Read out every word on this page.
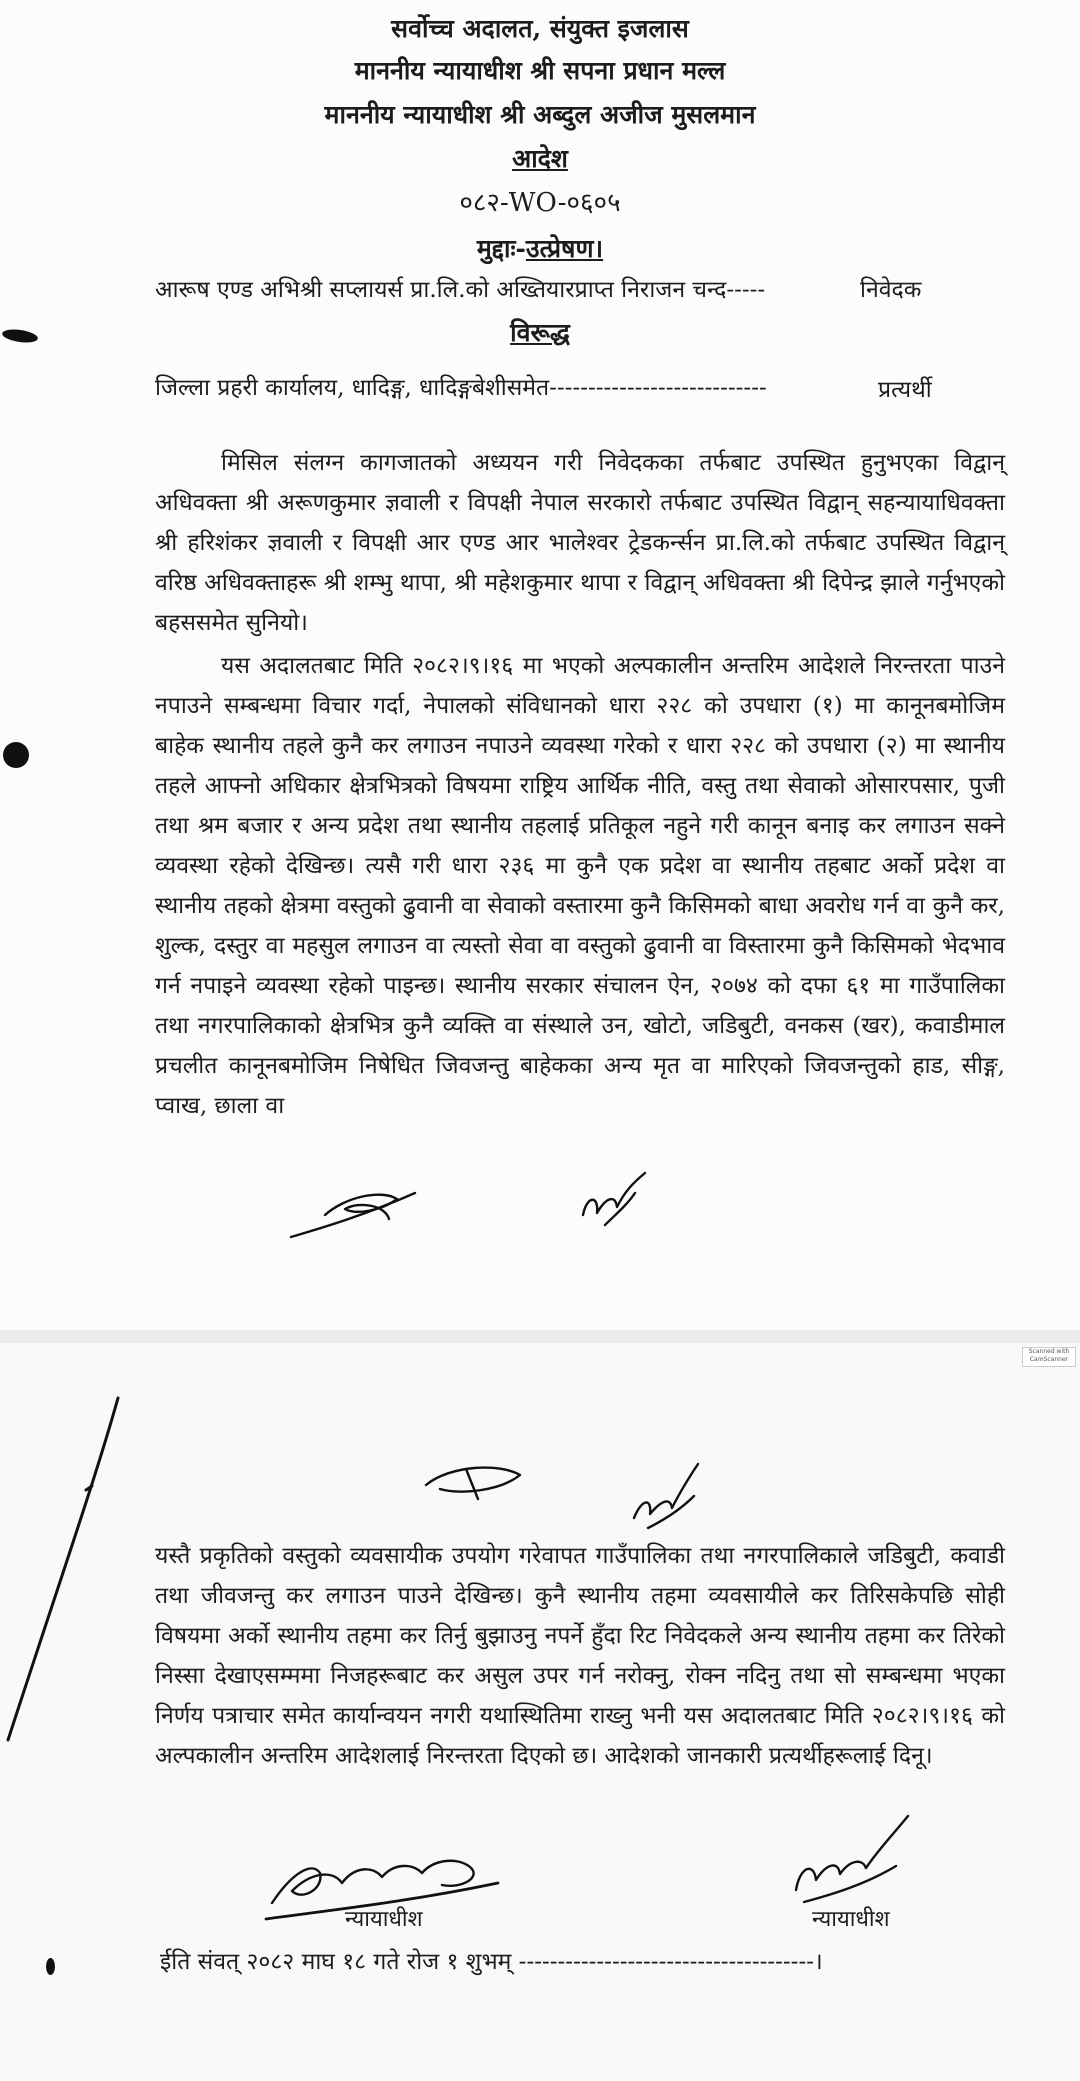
सर्वोच्च अदालत, संयुक्त इजलास
माननीय न्यायाधीश श्री सपना प्रधान मल्ल
माननीय न्यायाधीश श्री अब्दुल अजीज मुसलमान
आदेश
०८२-WO-०६०५
मुद्दाः-उत्प्रेषण।
आरूष एण्ड अभिश्री सप्लायर्स प्रा.लि.को अख्तियारप्राप्त निराजन चन्द-----	निवेदक
विरूद्ध
जिल्ला प्रहरी कार्यालय, धादिङ्ग, धादिङ्गबेशीसमेत----------------------------	प्रत्यर्थी

मिसिल संलग्न कागजातको अध्ययन गरी निवेदकका तर्फबाट उपस्थित हुनुभएका विद्वान् अधिवक्ता श्री अरूणकुमार ज्ञवाली र विपक्षी नेपाल सरकारो तर्फबाट उपस्थित विद्वान् सहन्यायाधिवक्ता श्री हरिशंकर ज्ञवाली र विपक्षी आर एण्ड आर भालेश्वर ट्रेडकर्न्सन प्रा.लि.को तर्फबाट उपस्थित विद्वान् वरिष्ठ अधिवक्ताहरू श्री शम्भु थापा, श्री महेशकुमार थापा र विद्वान् अधिवक्ता श्री दिपेन्द्र झाले गर्नुभएको बहससमेत सुनियो।

यस अदालतबाट मिति २०८२।९।१६ मा भएको अल्पकालीन अन्तरिम आदेशले निरन्तरता पाउने नपाउने सम्बन्धमा विचार गर्दा, नेपालको संविधानको धारा २२८ को उपधारा (१) मा कानूनबमोजिम बाहेक स्थानीय तहले कुनै कर लगाउन नपाउने व्यवस्था गरेको र धारा २२८ को उपधारा (२) मा स्थानीय तहले आफ्नो अधिकार क्षेत्रभित्रको विषयमा राष्ट्रिय आर्थिक नीति, वस्तु तथा सेवाको ओसारपसार, पुजी तथा श्रम बजार र अन्य प्रदेश तथा स्थानीय तहलाई प्रतिकूल नहुने गरी कानून बनाइ कर लगाउन सक्ने व्यवस्था रहेको देखिन्छ। त्यसै गरी धारा २३६ मा कुनै एक प्रदेश वा स्थानीय तहबाट अर्को प्रदेश वा स्थानीय तहको क्षेत्रमा वस्तुको ढुवानी वा सेवाको वस्तारमा कुनै किसिमको बाधा अवरोध गर्न वा कुनै कर, शुल्क, दस्तुर वा महसुल लगाउन वा त्यस्तो सेवा वा वस्तुको ढुवानी वा विस्तारमा कुनै किसिमको भेदभाव गर्न नपाइने व्यवस्था रहेको पाइन्छ। स्थानीय सरकार संचालन ऐन, २०७४ को दफा ६१ मा गाउँपालिका तथा नगरपालिकाको क्षेत्रभित्र कुनै व्यक्ति वा संस्थाले उन, खोटो, जडिबुटी, वनकस (खर), कवाडीमाल प्रचलीत कानूनबमोजिम निषेधित जिवजन्तु बाहेकका अन्य मृत वा मारिएको जिवजन्तुको हाड, सीङ्ग, प्वाख, छाला वा

Scanned with CamScanner

यस्तै प्रकृतिको वस्तुको व्यवसायीक उपयोग गरेवापत गाउँपालिका तथा नगरपालिकाले जडिबुटी, कवाडी तथा जीवजन्तु कर लगाउन पाउने देखिन्छ। कुनै स्थानीय तहमा व्यवसायीले कर तिरिसकेपछि सोही विषयमा अर्को स्थानीय तहमा कर तिर्नु बुझाउनु नपर्ने हुँदा रिट निवेदकले अन्य स्थानीय तहमा कर तिरेको निस्सा देखाएसम्ममा निजहरूबाट कर असुल उपर गर्न नरोक्नु, रोक्न नदिनु तथा सो सम्बन्धमा भएका निर्णय पत्राचार समेत कार्यान्वयन नगरी यथास्थितिमा राख्नु भनी यस अदालतबाट मिति २०८२।९।१६ को अल्पकालीन अन्तरिम आदेशलाई निरन्तरता दिएको छ। आदेशको जानकारी प्रत्यर्थीहरूलाई दिनू।

न्यायाधीश	न्यायाधीश
ईति संवत् २०८२ माघ १८ गते रोज १ शुभम् --------------------------------------।
